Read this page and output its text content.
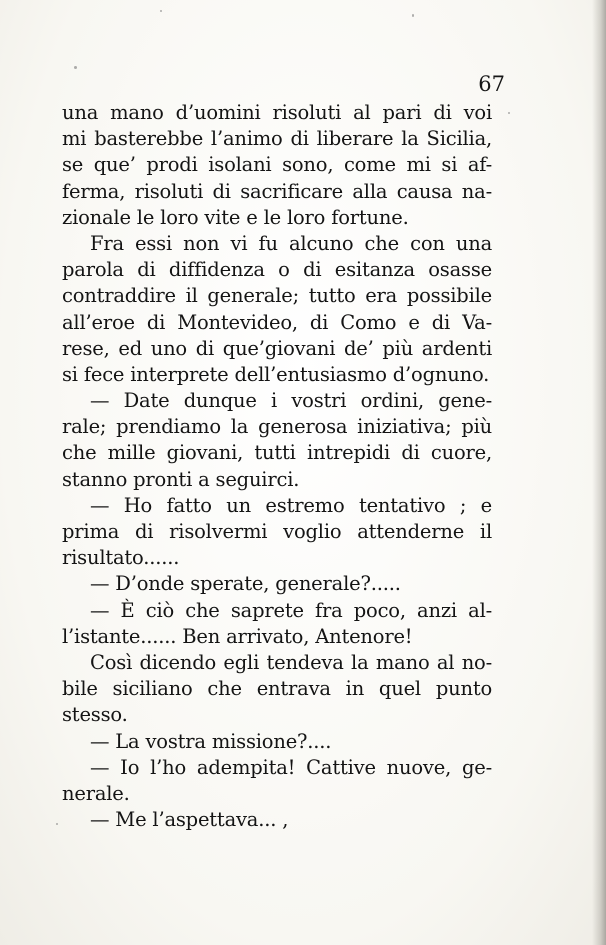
67
una mano d’uomini risoluti al pari di voi
mi basterebbe l’animo di liberare la Sicilia,
se que’ prodi isolani sono, come mi si af-
ferma, risoluti di sacrificare alla causa na-
zionale le loro vite e le loro fortune.
Fra essi non vi fu alcuno che con una
parola di diffidenza o di esitanza osasse
contraddire il generale; tutto era possibile
all’eroe di Montevideo, di Como e di Va-
rese, ed uno di que’giovani de’ più ardenti
si fece interprete dell’entusiasmo d’ognuno.
— Date dunque i vostri ordini, gene-
rale; prendiamo la generosa iniziativa; più
che mille giovani, tutti intrepidi di cuore,
stanno pronti a seguirci.
— Ho fatto un estremo tentativo ; e
prima di risolvermi voglio attenderne il
risultato......
— D’onde sperate, generale?.....
— È ciò che saprete fra poco, anzi al-
l’istante...... Ben arrivato, Antenore!
Così dicendo egli tendeva la mano al no-
bile siciliano che entrava in quel punto
stesso.
— La vostra missione?....
— Io l’ho adempita! Cattive nuove, ge-
nerale.
— Me l’aspettava... ,
